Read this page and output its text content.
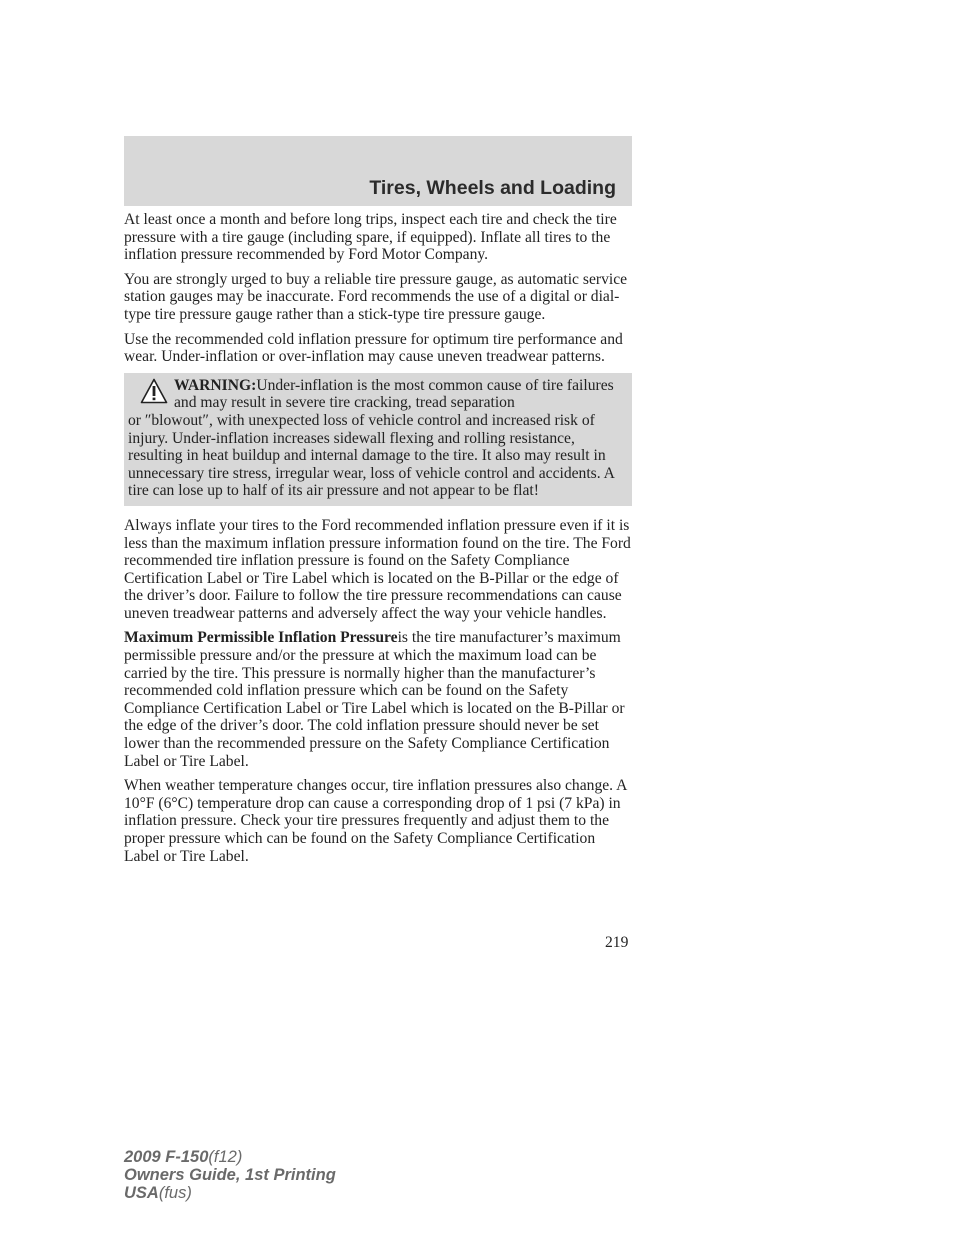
Tires, Wheels and Loading

At least once a month and before long trips, inspect each tire and check the tire pressure with a tire gauge (including spare, if equipped). Inflate all tires to the inflation pressure recommended by Ford Motor Company.

You are strongly urged to buy a reliable tire pressure gauge, as automatic service station gauges may be inaccurate. Ford recommends the use of a digital or dial-type tire pressure gauge rather than a stick-type tire pressure gauge.

Use the recommended cold inflation pressure for optimum tire performance and wear. Under-inflation or over-inflation may cause uneven treadwear patterns.

WARNING:Under-inflation is the most common cause of tire failures and may result in severe tire cracking, tread separation
or ″blowout″, with unexpected loss of vehicle control and increased risk of injury. Under-inflation increases sidewall flexing and rolling resistance, resulting in heat buildup and internal damage to the tire. It also may result in unnecessary tire stress, irregular wear, loss of vehicle control and accidents. A tire can lose up to half of its air pressure and not appear to be flat!

Always inflate your tires to the Ford recommended inflation pressure even if it is less than the maximum inflation pressure information found on the tire. The Ford recommended tire inflation pressure is found on the Safety Compliance Certification Label or Tire Label which is located on the B-Pillar or the edge of the driver’s door. Failure to follow the tire pressure recommendations can cause uneven treadwear patterns and adversely affect the way your vehicle handles.

Maximum Permissible Inflation Pressureis the tire manufacturer’s maximum permissible pressure and/or the pressure at which the maximum load can be carried by the tire. This pressure is normally higher than the manufacturer’s recommended cold inflation pressure which can be found on the Safety Compliance Certification Label or Tire Label which is located on the B-Pillar or the edge of the driver’s door. The cold inflation pressure should never be set lower than the recommended pressure on the Safety Compliance Certification Label or Tire Label.

When weather temperature changes occur, tire inflation pressures also change. A 10°F (6°C) temperature drop can cause a corresponding drop of 1 psi (7 kPa) in inflation pressure. Check your tire pressures frequently and adjust them to the proper pressure which can be found on the Safety Compliance Certification Label or Tire Label.

219
2009 F-150(f12)
Owners Guide, 1st Printing
USA(fus)
